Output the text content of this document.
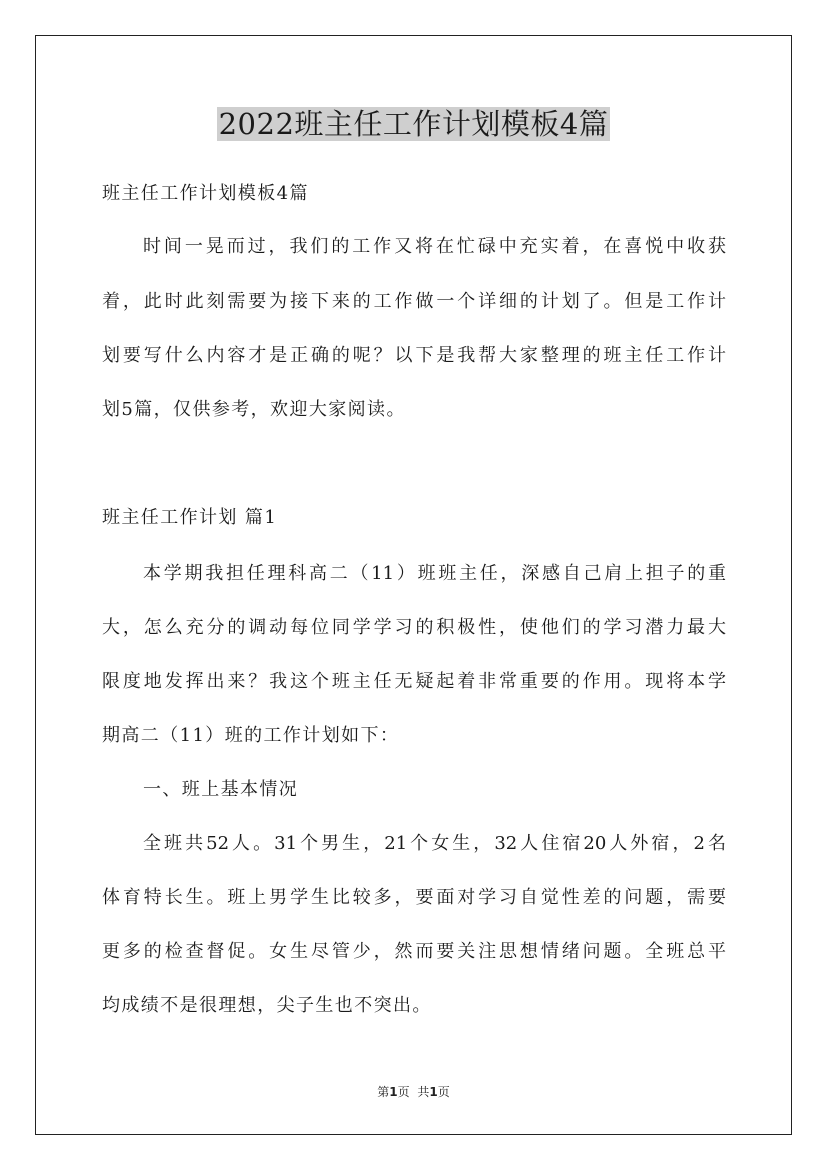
2022班主任工作计划模板4篇

班主任工作计划模板4篇

时间一晃而过，我们的工作又将在忙碌中充实着，在喜悦中收获

着，此时此刻需要为接下来的工作做一个详细的计划了。但是工作计

划要写什么内容才是正确的呢？以下是我帮大家整理的班主任工作计

划5篇，仅供参考，欢迎大家阅读。

班主任工作计划 篇1

本学期我担任理科高二（11）班班主任，深感自己肩上担子的重

大，怎么充分的调动每位同学学习的积极性，使他们的学习潜力最大

限度地发挥出来？我这个班主任无疑起着非常重要的作用。现将本学

期高二（11）班的工作计划如下：

一、班上基本情况

全班共52人。31个男生，21个女生，32人住宿20人外宿，2名

体育特长生。班上男学生比较多，要面对学习自觉性差的问题，需要

更多的检查督促。女生尽管少，然而要关注思想情绪问题。全班总平

均成绩不是很理想，尖子生也不突出。

第1页 共1页
